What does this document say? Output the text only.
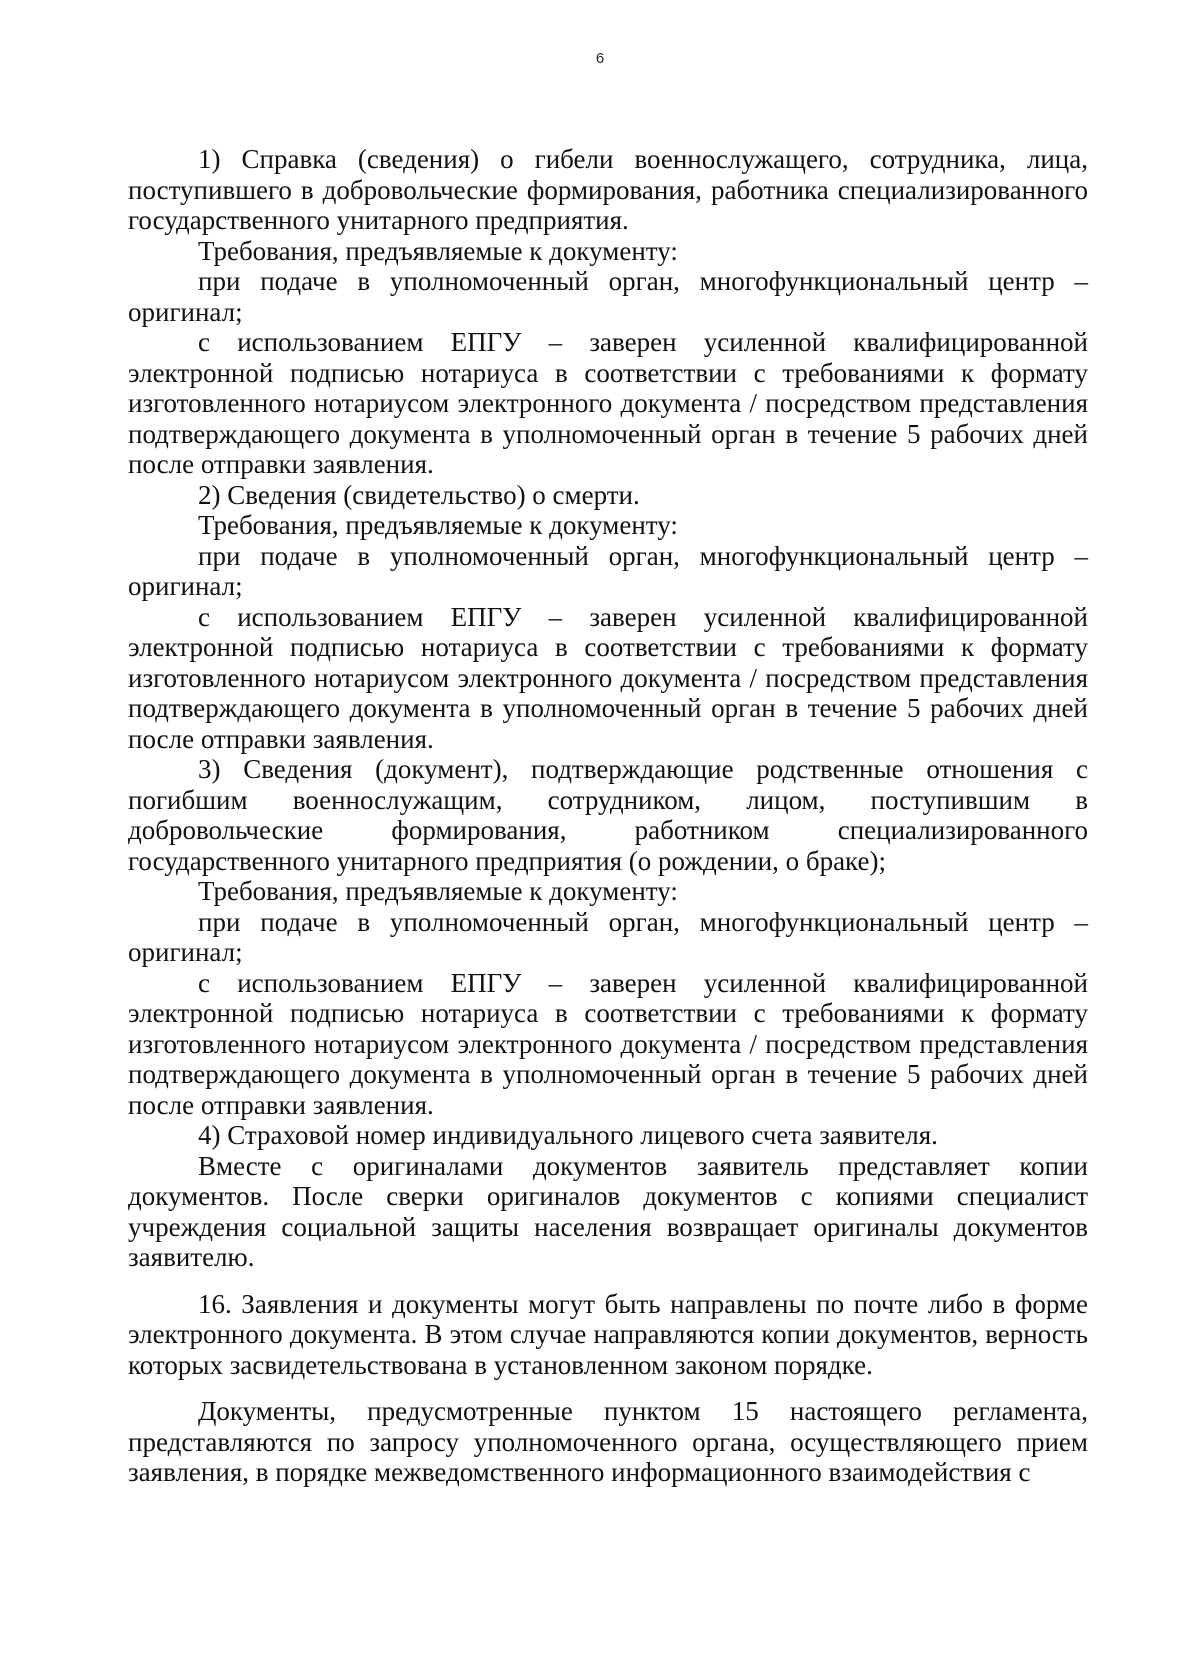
6

1) Справка (сведения) о гибели военнослужащего, сотрудника, лица, поступившего в добровольческие формирования, работника специализированного государственного унитарного предприятия.

Требования, предъявляемые к документу:

при подаче в уполномоченный орган, многофункциональный центр – оригинал;

с использованием ЕПГУ – заверен усиленной квалифицированной электронной подписью нотариуса в соответствии с требованиями к формату изготовленного нотариусом электронного документа / посредством представления подтверждающего документа в уполномоченный орган в течение 5 рабочих дней после отправки заявления.

2) Сведения (свидетельство) о смерти.

Требования, предъявляемые к документу:

при подаче в уполномоченный орган, многофункциональный центр – оригинал;

с использованием ЕПГУ – заверен усиленной квалифицированной электронной подписью нотариуса в соответствии с требованиями к формату изготовленного нотариусом электронного документа / посредством представления подтверждающего документа в уполномоченный орган в течение 5 рабочих дней после отправки заявления.

3) Сведения (документ), подтверждающие родственные отношения с погибшим военнослужащим, сотрудником, лицом, поступившим в добровольческие формирования, работником специализированного государственного унитарного предприятия (о рождении, о браке);

Требования, предъявляемые к документу:

при подаче в уполномоченный орган, многофункциональный центр – оригинал;

с использованием ЕПГУ – заверен усиленной квалифицированной электронной подписью нотариуса в соответствии с требованиями к формату изготовленного нотариусом электронного документа / посредством представления подтверждающего документа в уполномоченный орган в течение 5 рабочих дней после отправки заявления.

4) Страховой номер индивидуального лицевого счета заявителя.

Вместе с оригиналами документов заявитель представляет копии документов. После сверки оригиналов документов с копиями специалист учреждения социальной защиты населения возвращает оригиналы документов заявителю.

16. Заявления и документы могут быть направлены по почте либо в форме электронного документа. В этом случае направляются копии документов, верность которых засвидетельствована в установленном законом порядке.

Документы, предусмотренные пунктом 15 настоящего регламента, представляются по запросу уполномоченного органа, осуществляющего прием заявления, в порядке межведомственного информационного взаимодействия с
